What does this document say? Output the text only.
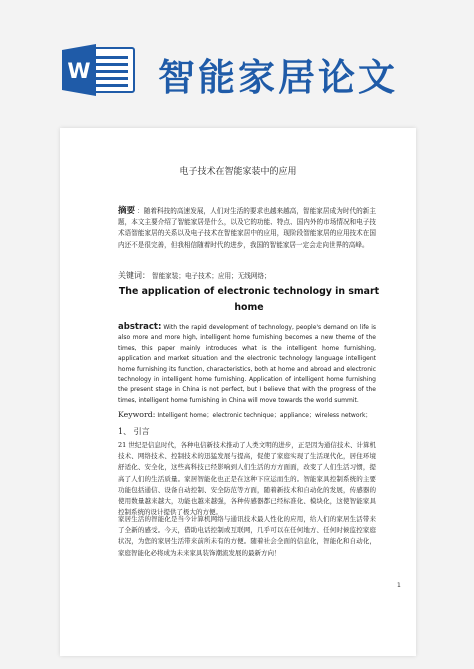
W 智能家居论文
电子技术在智能家装中的应用
摘要 ：随着科技的高速发展，人们对生活的要求也越来越高，智能家居成为时代的新主题，本文主要介绍了智能家居是什么，以及它的功能、特点、国内外的市场情况和电子技术语智能家居的关系以及电子技术在智能家居中的应用，现阶段智能家居的应用技术在国内还不是很完善，但我相信随着时代的进步，我国的智能家居一定会走向世界的高峰。
关键词： 智能家装；电子技术；应用；无线网络；
The application of electronic technology in smart home
abstract: With the rapid development of technology, people's demand on life is also more and more high, intelligent home furnishing becomes a new theme of the times, this paper mainly introduces what is the intelligent home furnishing, application and market situation and the electronic technology language intelligent home furnishing its function, characteristics, both at home and abroad and electronic technology in intelligent home furnishing. Application of intelligent home furnishing the present stage in China is not perfect, but I believe that with the progress of the times, intelligent home furnishing in China will move towards the world summit.
Keyword: Intelligent home；electronic technique；appliance；wireless network；
1、 引言
21 世纪是信息时代，各种电信新技术推动了人类文明的进步，正是因为通信技术、计算机技术、网络技术、控制技术的迅猛发展与提高，促使了家庭实现了生活现代化，居住环境舒适化、安全化，这些高科技已经影响到人们生活的方方面面，改变了人们生活习惯，提高了人们的生活质量。家居智能化也正是在这种下应运而生的。智能家具控制系统的主要功能包括通信、设备自动控制、安全防范等方面，随着新技术和自动化的发展，传感器的使用数量越来越大，功能也越来越强，各种传感器都已经标准化、模块化，这使智能家具控制系统的设计提供了极大的方便。
家居生活的智能化是当今计算机网络与通讯技术最人性化的应用，给人们的家居生活带来了全新的感受。今天，借助电话控制或互联网，几乎可以在任何地方、任何时候监控家庭状况，为您的家居生活带来前所未有的方便。随着社会全面的信息化，智能化和自动化，家庭智能化必将成为未来家具装饰潮流发展的最新方向！
1
